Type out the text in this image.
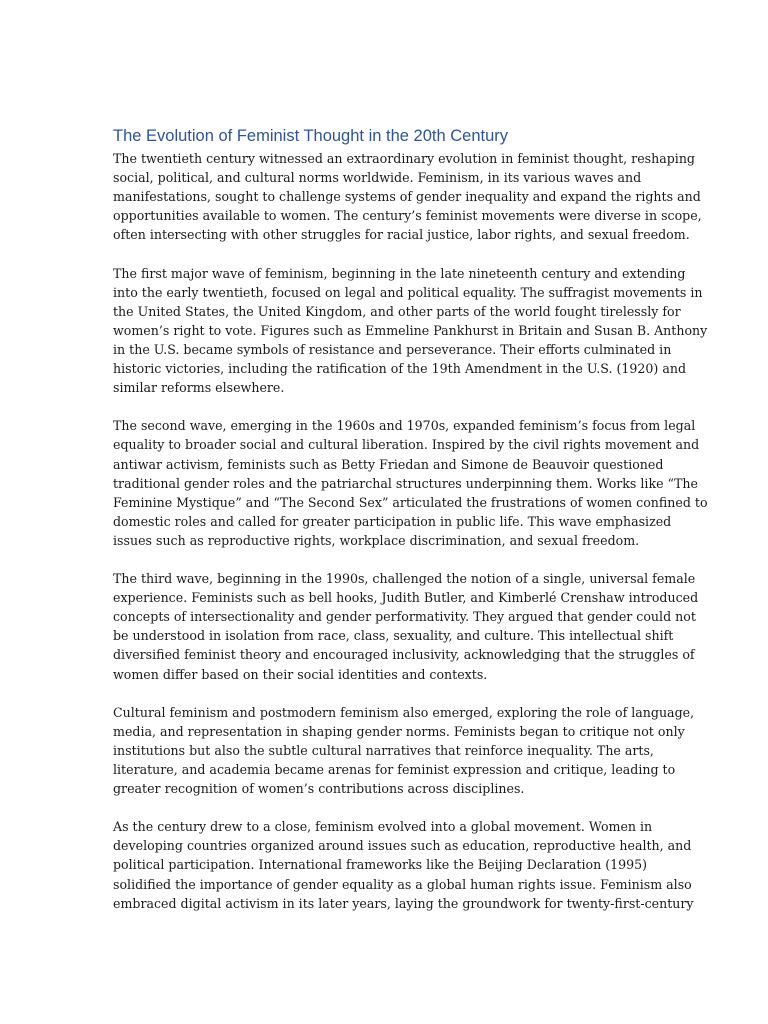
The Evolution of Feminist Thought in the 20th Century

The twentieth century witnessed an extraordinary evolution in feminist thought, reshaping
social, political, and cultural norms worldwide. Feminism, in its various waves and
manifestations, sought to challenge systems of gender inequality and expand the rights and
opportunities available to women. The century’s feminist movements were diverse in scope,
often intersecting with other struggles for racial justice, labor rights, and sexual freedom.

The first major wave of feminism, beginning in the late nineteenth century and extending
into the early twentieth, focused on legal and political equality. The suffragist movements in
the United States, the United Kingdom, and other parts of the world fought tirelessly for
women’s right to vote. Figures such as Emmeline Pankhurst in Britain and Susan B. Anthony
in the U.S. became symbols of resistance and perseverance. Their efforts culminated in
historic victories, including the ratification of the 19th Amendment in the U.S. (1920) and
similar reforms elsewhere.

The second wave, emerging in the 1960s and 1970s, expanded feminism’s focus from legal
equality to broader social and cultural liberation. Inspired by the civil rights movement and
antiwar activism, feminists such as Betty Friedan and Simone de Beauvoir questioned
traditional gender roles and the patriarchal structures underpinning them. Works like “The
Feminine Mystique” and “The Second Sex” articulated the frustrations of women confined to
domestic roles and called for greater participation in public life. This wave emphasized
issues such as reproductive rights, workplace discrimination, and sexual freedom.

The third wave, beginning in the 1990s, challenged the notion of a single, universal female
experience. Feminists such as bell hooks, Judith Butler, and Kimberlé Crenshaw introduced
concepts of intersectionality and gender performativity. They argued that gender could not
be understood in isolation from race, class, sexuality, and culture. This intellectual shift
diversified feminist theory and encouraged inclusivity, acknowledging that the struggles of
women differ based on their social identities and contexts.

Cultural feminism and postmodern feminism also emerged, exploring the role of language,
media, and representation in shaping gender norms. Feminists began to critique not only
institutions but also the subtle cultural narratives that reinforce inequality. The arts,
literature, and academia became arenas for feminist expression and critique, leading to
greater recognition of women’s contributions across disciplines.

As the century drew to a close, feminism evolved into a global movement. Women in
developing countries organized around issues such as education, reproductive health, and
political participation. International frameworks like the Beijing Declaration (1995)
solidified the importance of gender equality as a global human rights issue. Feminism also
embraced digital activism in its later years, laying the groundwork for twenty-first-century
